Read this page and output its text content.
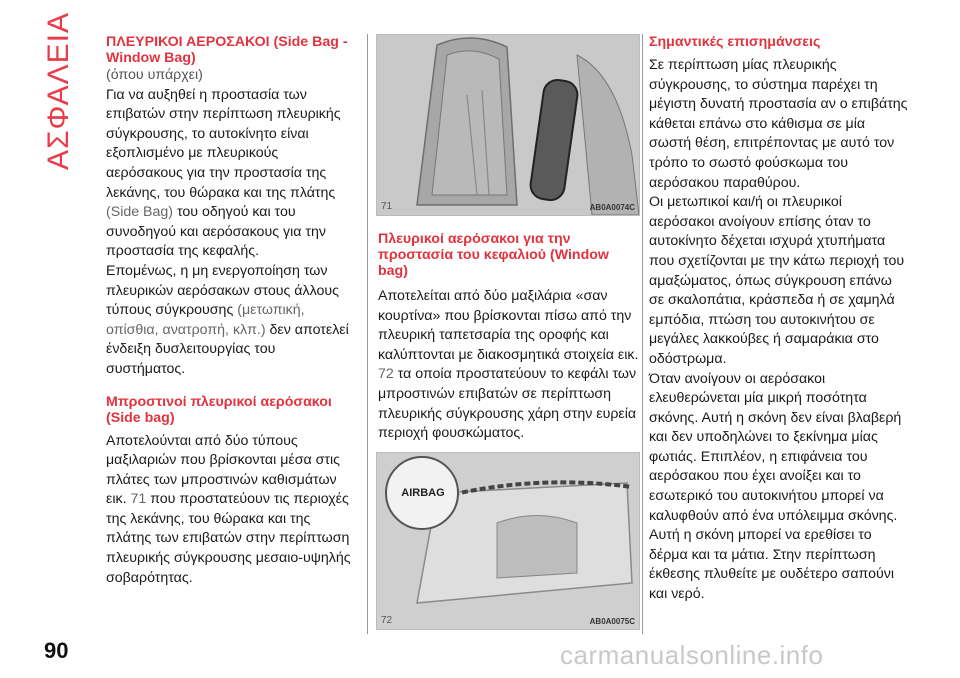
ΑΣΦΑΛΕΙΑ
90

ΠΛΕΥΡΙΚΟΙ ΑΕΡΟΣΑΚΟΙ (Side Bag - Window Bag)

(όπου υπάρχει)

Για να αυξηθεί η προστασία των επιβατών στην περίπτωση πλευρικής σύγκρουσης, το αυτοκίνητο είναι εξοπλισμένο με πλευρικούς αερόσακους για την προστασία της λεκάνης, του θώρακα και της πλάτης (Side Bag) του οδηγού και του συνοδηγού και αερόσακους για την προστασία της κεφαλής.

Επομένως, η μη ενεργοποίηση των πλευρικών αερόσακων στους άλλους τύπους σύγκρουσης (μετωπική, οπίσθια, ανατροπή, κλπ.) δεν αποτελεί ένδειξη δυσλειτουργίας του συστήματος.

Μπροστινοί πλευρικοί αερόσακοι (Side bag)

Αποτελούνται από δύο τύπους μαξιλαριών που βρίσκονται μέσα στις πλάτες των μπροστινών καθισμάτων εικ. 71 που προστατεύουν τις περιοχές της λεκάνης, του θώρακα και της πλάτης των επιβατών στην περίπτωση πλευρικής σύγκρουσης μεσαιο-υψηλής σοβαρότητας.

71	AB0A0074C

Πλευρικοί αερόσακοι για την προστασία του κεφαλιού (Window bag)

Αποτελείται από δύο μαξιλάρια «σαν κουρτίνα» που βρίσκονται πίσω από την πλευρική ταπετσαρία της οροφής και καλύπτονται με διακοσμητικά στοιχεία εικ. 72 τα οποία προστατεύουν το κεφάλι των μπροστινών επιβατών σε περίπτωση πλευρικής σύγκρουσης χάρη στην ευρεία περιοχή φουσκώματος.

AIRBAG
72	AB0A0075C

Σημαντικές επισημάνσεις

Σε περίπτωση μίας πλευρικής σύγκρουσης, το σύστημα παρέχει τη μέγιστη δυνατή προστασία αν ο επιβάτης κάθεται επάνω στο κάθισμα σε μία σωστή θέση, επιτρέποντας με αυτό τον τρόπο το σωστό φούσκωμα του αερόσακου παραθύρου.

Οι μετωπικοί και/ή οι πλευρικοί αερόσακοι ανοίγουν επίσης όταν το αυτοκίνητο δέχεται ισχυρά χτυπήματα που σχετίζονται με την κάτω περιοχή του αμαξώματος, όπως σύγκρουση επάνω σε σκαλοπάτια, κράσπεδα ή σε χαμηλά εμπόδια, πτώση του αυτοκινήτου σε μεγάλες λακκούβες ή σαμαράκια στο οδόστρωμα.

Όταν ανοίγουν οι αερόσακοι ελευθερώνεται μία μικρή ποσότητα σκόνης. Αυτή η σκόνη δεν είναι βλαβερή και δεν υποδηλώνει το ξεκίνημα μίας φωτιάς. Επιπλέον, η επιφάνεια του αερόσακου που έχει ανοίξει και το εσωτερικό του αυτοκινήτου μπορεί να καλυφθούν από ένα υπόλειμμα σκόνης. Αυτή η σκόνη μπορεί να ερεθίσει το δέρμα και τα μάτια. Στην περίπτωση έκθεσης πλυθείτε με ουδέτερο σαπούνι και νερό.

carmanualsonline.info
